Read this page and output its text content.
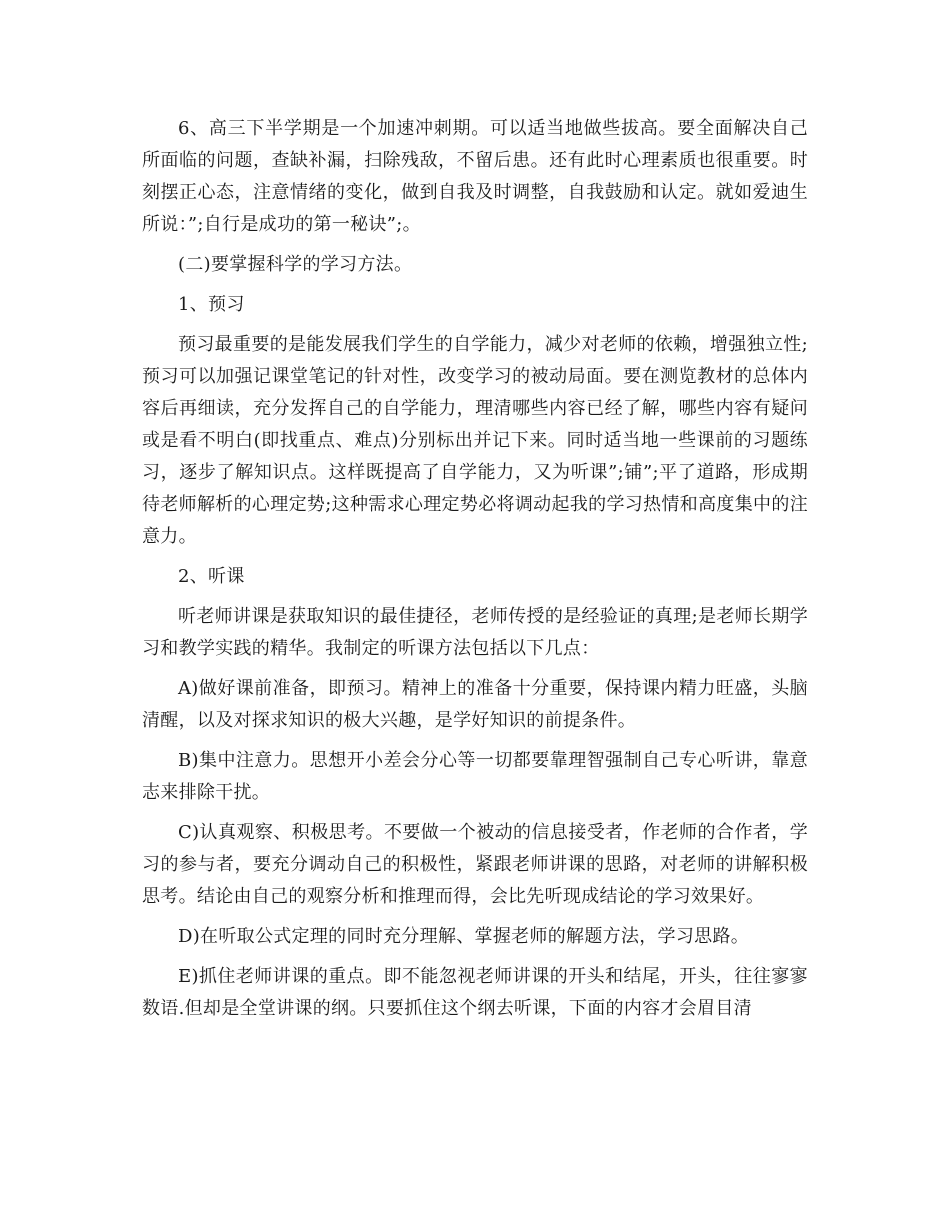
6、高三下半学期是一个加速冲刺期。可以适当地做些拔高。要全面解决自己所面临的问题，查缺补漏，扫除残敌，不留后患。还有此时心理素质也很重要。时刻摆正心态，注意情绪的变化，做到自我及时调整，自我鼓励和认定。就如爱迪生所说：”;自行是成功的第一秘诀”;。

(二)要掌握科学的学习方法。

1、预习

预习最重要的是能发展我们学生的自学能力，减少对老师的依赖，增强独立性;预习可以加强记课堂笔记的针对性，改变学习的被动局面。要在测览教材的总体内容后再细读，充分发挥自己的自学能力，理清哪些内容已经了解，哪些内容有疑问或是看不明白(即找重点、难点)分别标出并记下来。同时适当地一些课前的习题练习，逐步了解知识点。这样既提高了自学能力，又为听课”;铺”;平了道路，形成期待老师解析的心理定势;这种需求心理定势必将调动起我的学习热情和高度集中的注意力。

2、听课

听老师讲课是获取知识的最佳捷径，老师传授的是经验证的真理;是老师长期学习和教学实践的精华。我制定的听课方法包括以下几点：

A)做好课前准备，即预习。精神上的准备十分重要，保持课内精力旺盛，头脑清醒，以及对探求知识的极大兴趣，是学好知识的前提条件。

B)集中注意力。思想开小差会分心等一切都要靠理智强制自己专心听讲，靠意志来排除干扰。

C)认真观察、积极思考。不要做一个被动的信息接受者，作老师的合作者，学习的参与者，要充分调动自己的积极性，紧跟老师讲课的思路，对老师的讲解积极思考。结论由自己的观察分析和推理而得，会比先听现成结论的学习效果好。

D)在听取公式定理的同时充分理解、掌握老师的解题方法，学习思路。

E)抓住老师讲课的重点。即不能忽视老师讲课的开头和结尾，开头，往往寥寥数语.但却是全堂讲课的纲。只要抓住这个纲去听课，下面的内容才会眉目清
